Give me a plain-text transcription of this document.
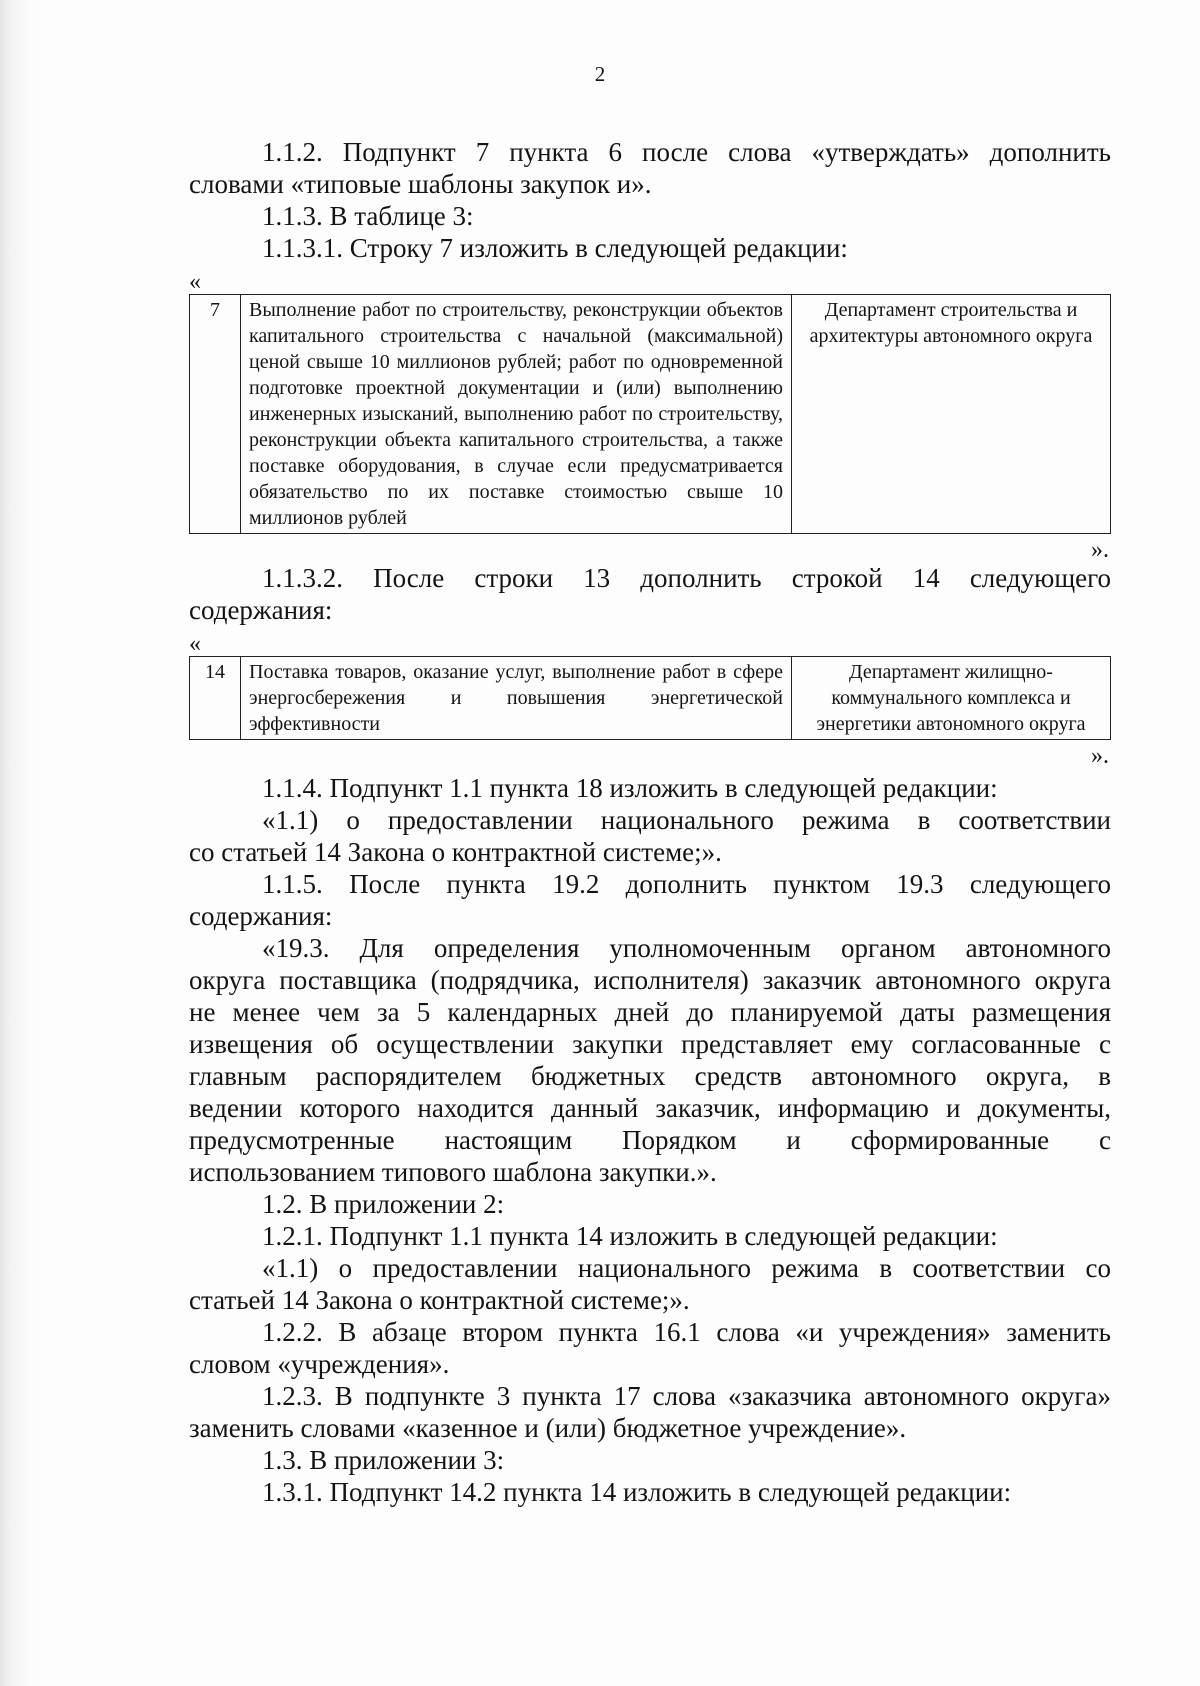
2

1.1.2. Подпункт 7 пункта 6 после слова «утверждать» дополнить

словами «типовые шаблоны закупок и».

1.1.3. В таблице 3:

1.1.3.1. Строку 7 изложить в следующей редакции:

«

7	Выполнение работ по строительству, реконструкции объектов капитального строительства с начальной (максимальной) ценой свыше 10 миллионов рублей; работ по одновременной подготовке проектной документации и (или) выполнению инженерных изысканий, выполнению работ по строительству, реконструкции объекта капитального строительства, а также поставке оборудования, в случае если предусматривается обязательство по их поставке стоимостью свыше 10 миллионов рублей	Департамент строительства и архитектуры автономного округа

».

1.1.3.2. После строки 13 дополнить строкой 14 следующего

содержания:

«

14	Поставка товаров, оказание услуг, выполнение работ в сфере энергосбережения и повышения энергетической эффективности	Департамент жилищно-коммунального комплекса и энергетики автономного округа

».

1.1.4. Подпункт 1.1 пункта 18 изложить в следующей редакции:

«1.1) о предоставлении национального режима в соответствии

со статьей 14 Закона о контрактной системе;».

1.1.5. После пункта 19.2 дополнить пунктом 19.3 следующего

содержания:

«19.3. Для определения уполномоченным органом автономного

округа поставщика (подрядчика, исполнителя) заказчик автономного округа

не менее чем за 5 календарных дней до планируемой даты размещения

извещения об осуществлении закупки представляет ему согласованные с

главным распорядителем бюджетных средств автономного округа, в

ведении которого находится данный заказчик, информацию и документы,

предусмотренные настоящим Порядком и сформированные с

использованием типового шаблона закупки.».

1.2. В приложении 2:

1.2.1. Подпункт 1.1 пункта 14 изложить в следующей редакции:

«1.1) о предоставлении национального режима в соответствии со

статьей 14 Закона о контрактной системе;».

1.2.2. В абзаце втором пункта 16.1 слова «и учреждения» заменить

словом «учреждения».

1.2.3. В подпункте 3 пункта 17 слова «заказчика автономного округа»

заменить словами «казенное и (или) бюджетное учреждение».

1.3. В приложении 3:

1.3.1. Подпункт 14.2 пункта 14 изложить в следующей редакции:
